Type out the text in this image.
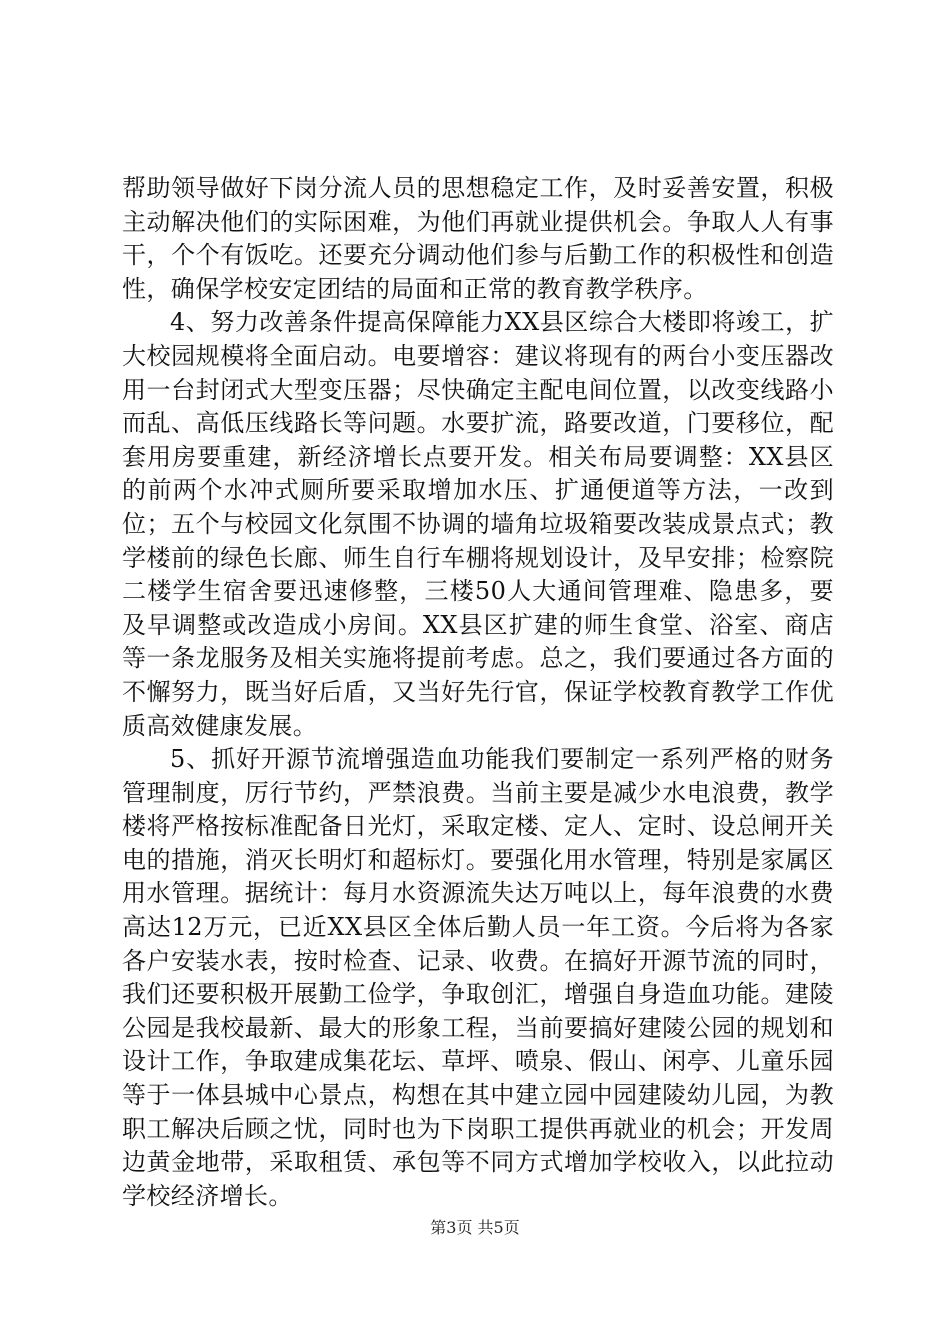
帮助领导做好下岗分流人员的思想稳定工作，及时妥善安置，积极主动解决他们的实际困难，为他们再就业提供机会。争取人人有事干，个个有饭吃。还要充分调动他们参与后勤工作的积极性和创造性，确保学校安定团结的局面和正常的教育教学秩序。

4、努力改善条件提高保障能力XX县区综合大楼即将竣工，扩大校园规模将全面启动。电要增容：建议将现有的两台小变压器改用一台封闭式大型变压器；尽快确定主配电间位置，以改变线路小而乱、高低压线路长等问题。水要扩流，路要改道，门要移位，配套用房要重建，新经济增长点要开发。相关布局要调整：XX县区的前两个水冲式厕所要采取增加水压、扩通便道等方法，一改到位；五个与校园文化氛围不协调的墙角垃圾箱要改装成景点式；教学楼前的绿色长廊、师生自行车棚将规划设计，及早安排；检察院二楼学生宿舍要迅速修整，三楼50人大通间管理难、隐患多，要及早调整或改造成小房间。XX县区扩建的师生食堂、浴室、商店等一条龙服务及相关实施将提前考虑。总之，我们要通过各方面的不懈努力，既当好后盾，又当好先行官，保证学校教育教学工作优质高效健康发展。

5、抓好开源节流增强造血功能我们要制定一系列严格的财务管理制度，厉行节约，严禁浪费。当前主要是减少水电浪费，教学楼将严格按标准配备日光灯，采取定楼、定人、定时、设总闸开关电的措施，消灭长明灯和超标灯。要强化用水管理，特别是家属区用水管理。据统计：每月水资源流失达万吨以上，每年浪费的水费高达12万元，已近XX县区全体后勤人员一年工资。今后将为各家各户安装水表，按时检查、记录、收费。在搞好开源节流的同时，我们还要积极开展勤工俭学，争取创汇，增强自身造血功能。建陵公园是我校最新、最大的形象工程，当前要搞好建陵公园的规划和设计工作，争取建成集花坛、草坪、喷泉、假山、闲亭、儿童乐园等于一体县城中心景点，构想在其中建立园中园建陵幼儿园，为教职工解决后顾之忧，同时也为下岗职工提供再就业的机会；开发周边黄金地带，采取租赁、承包等不同方式增加学校收入，以此拉动学校经济增长。

第3页 共5页
